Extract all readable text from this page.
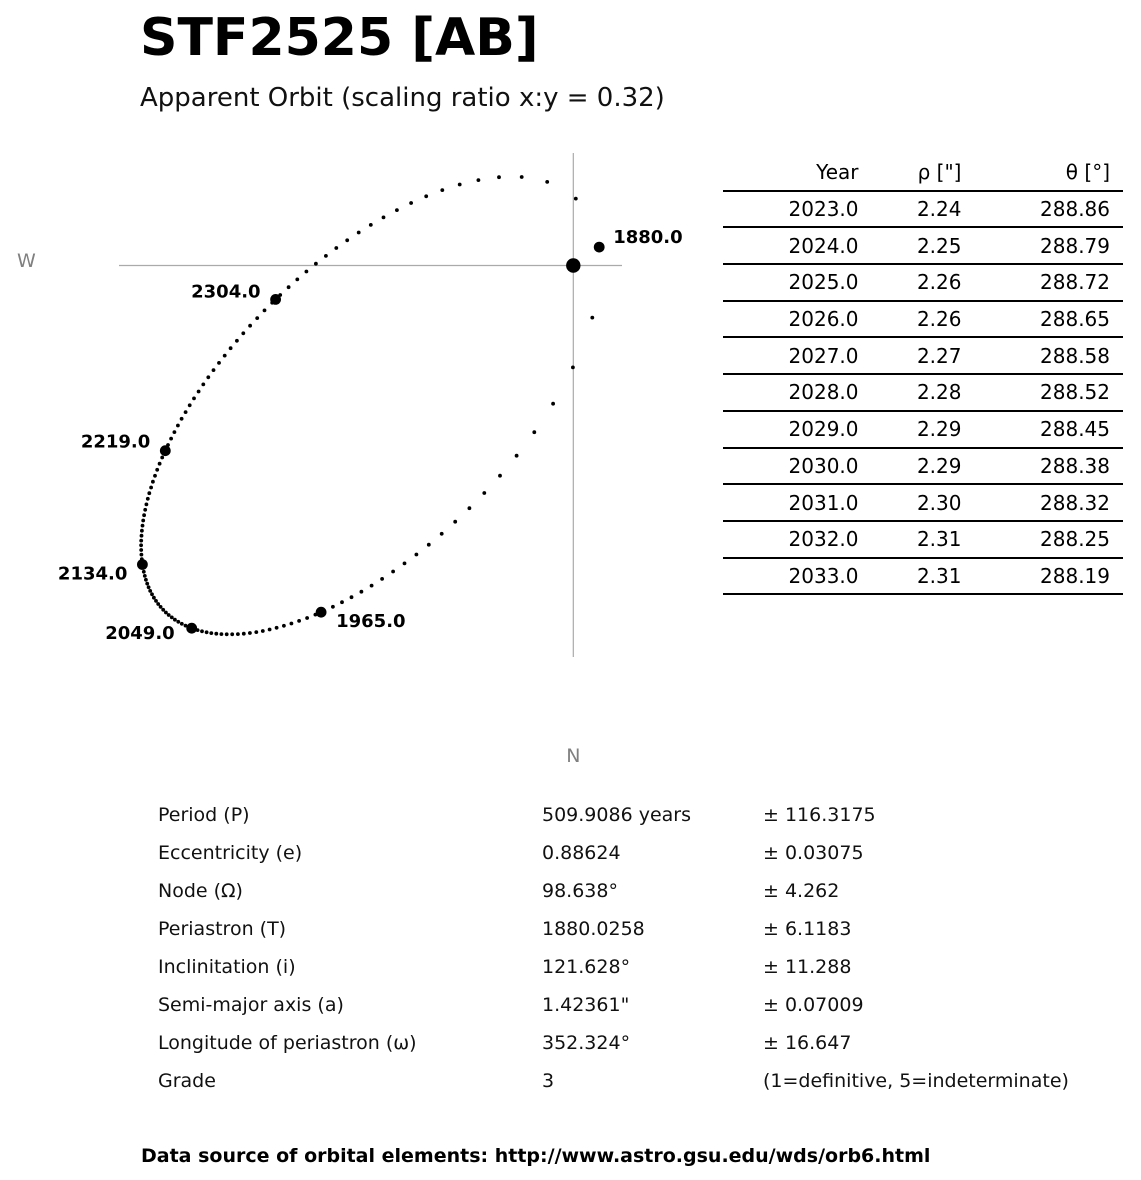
1880.0
1965.0
2049.0
2134.0
2219.0
2304.0
W
N
STF2525 [AB]
Apparent Orbit (scaling ratio x:y = 0.32)
Year	ρ ["]	θ [°]
2023.0	2.24	288.86
2024.0	2.25	288.79
2025.0	2.26	288.72
2026.0	2.26	288.65
2027.0	2.27	288.58
2028.0	2.28	288.52
2029.0	2.29	288.45
2030.0	2.29	288.38
2031.0	2.30	288.32
2032.0	2.31	288.25
2033.0	2.31	288.19
Period (P)	509.9086 years	± 116.3175
Eccentricity (e)	0.88624	± 0.03075
Node (Ω)	98.638°	± 4.262
Periastron (T)	1880.0258	± 6.1183
Inclinitation (i)	121.628°	± 11.288
Semi-major axis (a)	1.42361"	± 0.07009
Longitude of periastron (ω)	352.324°	± 16.647
Grade	3	(1=definitive, 5=indeterminate)
Data source of orbital elements: http://www.astro.gsu.edu/wds/orb6.html
